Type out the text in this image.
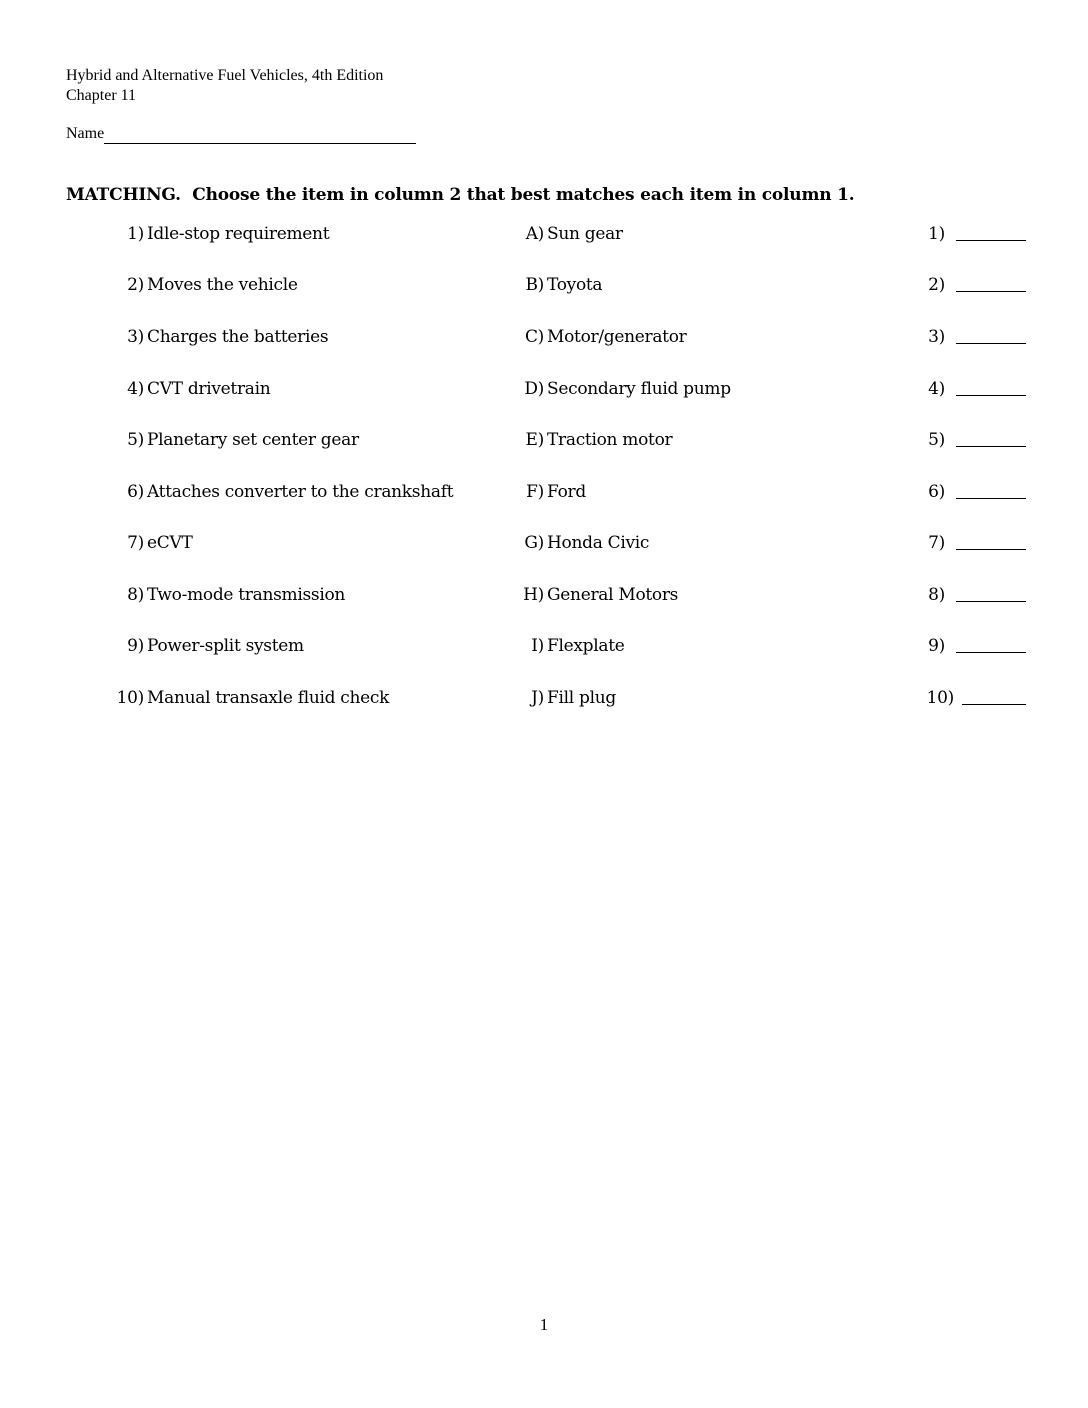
Hybrid and Alternative Fuel Vehicles, 4th Edition
Chapter 11
Name
MATCHING.  Choose the item in column 2 that best matches each item in column 1.
1) Idle-stop requirement	A) Sun gear	1)
2) Moves the vehicle	B) Toyota	2)
3) Charges the batteries	C) Motor/generator	3)
4) CVT drivetrain	D) Secondary fluid pump	4)
5) Planetary set center gear	E) Traction motor	5)
6) Attaches converter to the crankshaft	F) Ford	6)
7) eCVT	G) Honda Civic	7)
8) Two-mode transmission	H) General Motors	8)
9) Power-split system	I) Flexplate	9)
10) Manual transaxle fluid check	J) Fill plug	10)
1
